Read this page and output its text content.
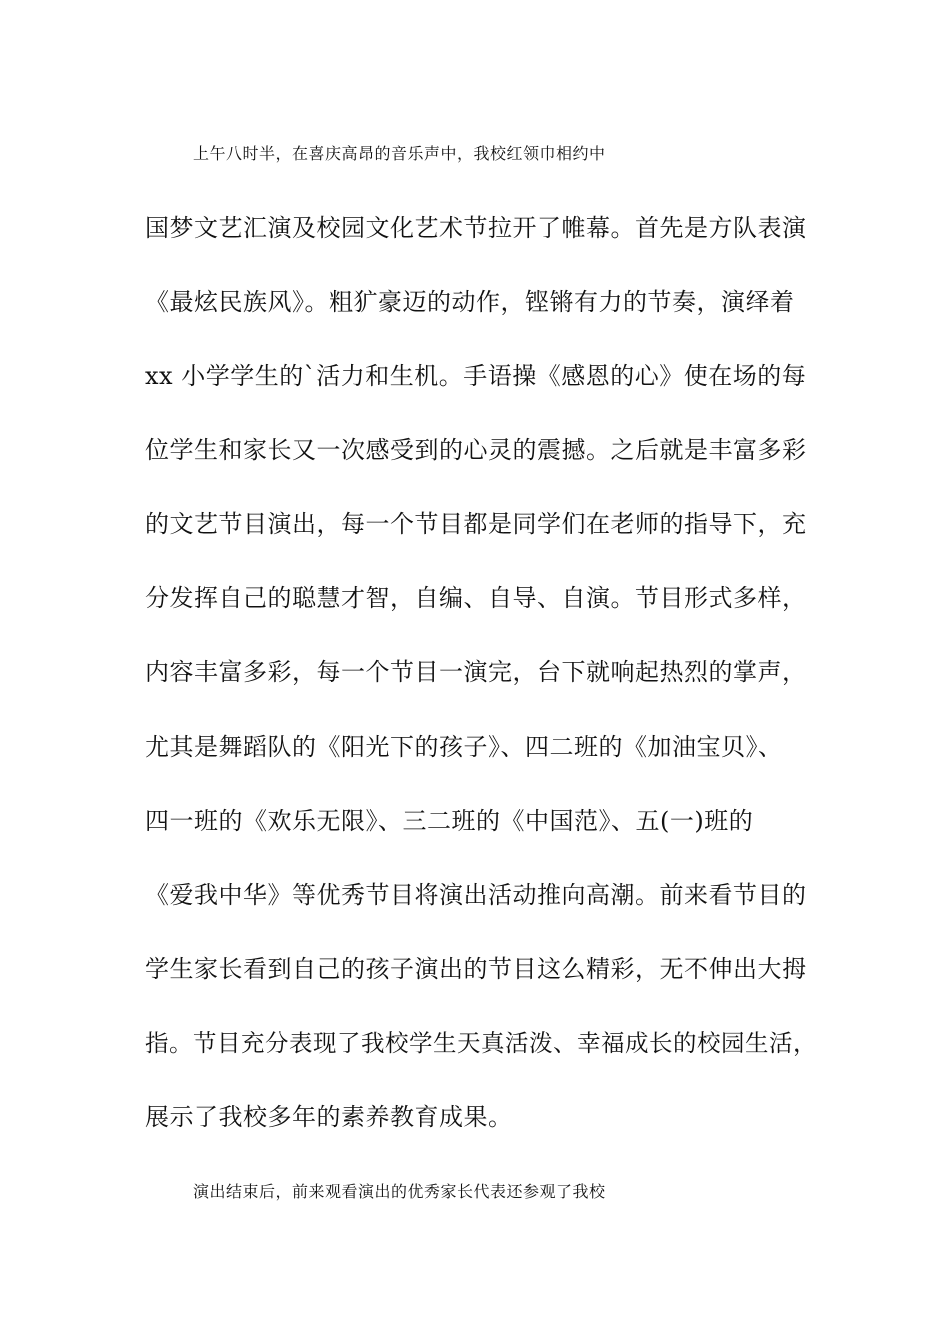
上午八时半，在喜庆高昂的音乐声中，我校红领巾相约中
国梦文艺汇演及校园文化艺术节拉开了帷幕。首先是方队表演
《最炫民族风》。粗犷豪迈的动作，铿锵有力的节奏，演绎着
xx 小学学生的`活力和生机。手语操《感恩的心》使在场的每
位学生和家长又一次感受到的心灵的震撼。之后就是丰富多彩
的文艺节目演出，每一个节目都是同学们在老师的指导下，充
分发挥自己的聪慧才智，自编、自导、自演。节目形式多样，
内容丰富多彩，每一个节目一演完，台下就响起热烈的掌声，
尤其是舞蹈队的《阳光下的孩子》、四二班的《加油宝贝》、
四一班的《欢乐无限》、三二班的《中国范》、五(一)班的
《爱我中华》等优秀节目将演出活动推向高潮。前来看节目的
学生家长看到自己的孩子演出的节目这么精彩，无不伸出大拇
指。节目充分表现了我校学生天真活泼、幸福成长的校园生活，
展示了我校多年的素养教育成果。
演出结束后，前来观看演出的优秀家长代表还参观了我校
